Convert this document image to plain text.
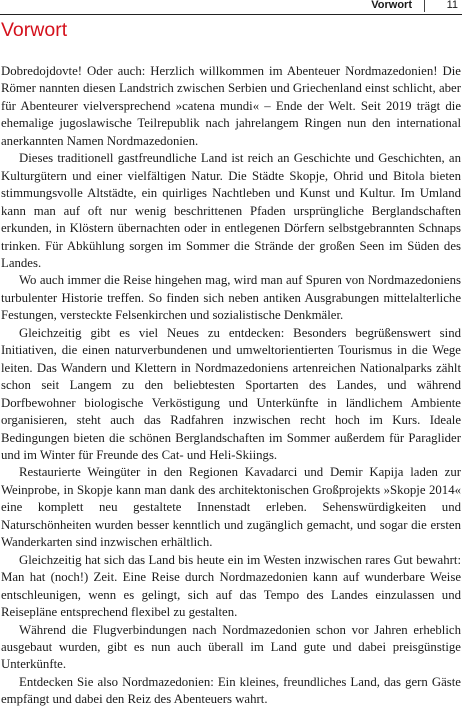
Vorwort	11
Vorwort

Dobredojdovte! Oder auch: Herzlich willkommen im Abenteuer Nordmazedonien! Die Römer nannten diesen Landstrich zwischen Serbien und Griechenland einst schlicht, aber für Abenteurer vielversprechend »catena mundi« – Ende der Welt. Seit 2019 trägt die ehemalige jugoslawische Teilrepublik nach jahrelangem Ringen nun den international anerkannten Namen Nordmazedonien.

Dieses traditionell gastfreundliche Land ist reich an Geschichte und Geschichten, an Kulturgütern und einer vielfältigen Natur. Die Städte Skopje, Ohrid und Bitola bieten stimmungsvolle Altstädte, ein quirliges Nachtleben und Kunst und Kultur. Im Umland kann man auf oft nur wenig beschrittenen Pfaden ursprüngliche Berglandschaften erkunden, in Klöstern übernachten oder in entlegenen Dörfern selbstgebrannten Schnaps trinken. Für Abkühlung sorgen im Sommer die Strände der großen Seen im Süden des Landes.

Wo auch immer die Reise hingehen mag, wird man auf Spuren von Nordmazedoniens turbulenter Historie treffen. So finden sich neben antiken Ausgrabungen mittelalterliche Festungen, versteckte Felsenkirchen und sozialistische Denkmäler.

Gleichzeitig gibt es viel Neues zu entdecken: Besonders begrüßenswert sind Initiativen, die einen naturverbundenen und umweltorientierten Tourismus in die Wege leiten. Das Wandern und Klettern in Nordmazedoniens artenreichen Nationalparks zählt schon seit Langem zu den beliebtesten Sportarten des Landes, und während Dorfbewohner biologische Verköstigung und Unterkünfte in ländlichem Ambiente organisieren, steht auch das Radfahren inzwischen recht hoch im Kurs. Ideale Bedingungen bieten die schönen Berglandschaften im Sommer außerdem für Paraglider und im Winter für Freunde des Cat- und Heli-Skiings.

Restaurierte Weingüter in den Regionen Kavadarci und Demir Kapija laden zur Weinprobe, in Skopje kann man dank des architektonischen Großprojekts »Skopje 2014« eine komplett neu gestaltete Innenstadt erleben. Sehenswürdigkeiten und Naturschönheiten wurden besser kenntlich und zugänglich gemacht, und sogar die ersten Wanderkarten sind inzwischen erhältlich.

Gleichzeitig hat sich das Land bis heute ein im Westen inzwischen rares Gut bewahrt: Man hat (noch!) Zeit. Eine Reise durch Nordmazedonien kann auf wunderbare Weise entschleunigen, wenn es gelingt, sich auf das Tempo des Landes einzulassen und Reisepläne entsprechend flexibel zu gestalten.

Während die Flugverbindungen nach Nordmazedonien schon vor Jahren erheblich ausgebaut wurden, gibt es nun auch überall im Land gute und dabei preisgünstige Unterkünfte.

Entdecken Sie also Nordmazedonien: Ein kleines, freundliches Land, das gern Gäste empfängt und dabei den Reiz des Abenteuers wahrt.
